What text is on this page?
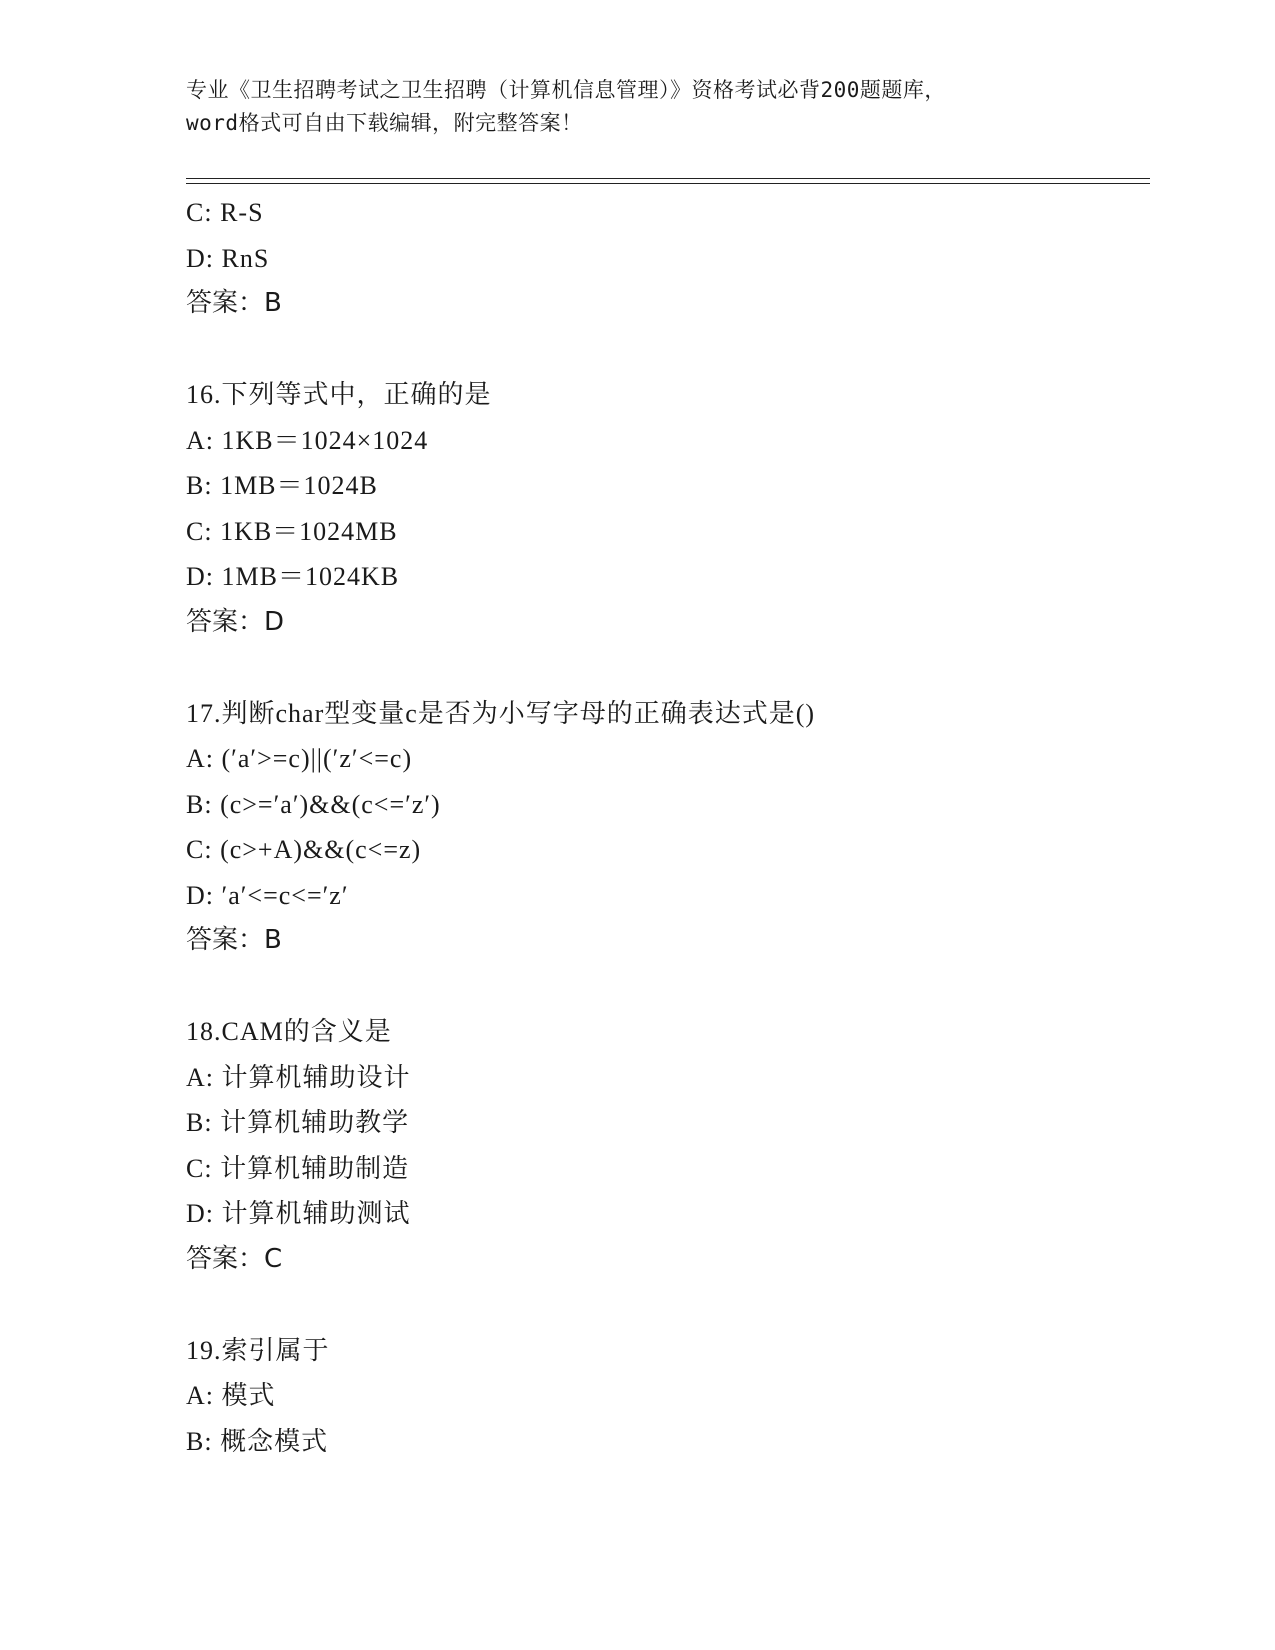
专业《卫生招聘考试之卫生招聘（计算机信息管理）》资格考试必背200题题库，
word格式可自由下载编辑，附完整答案！
C: R-S
D: RnS
答案：B
16.下列等式中，正确的是
A: 1KB＝1024×1024
B: 1MB＝1024B
C: 1KB＝1024MB
D: 1MB＝1024KB
答案：D
17.判断char型变量c是否为小写字母的正确表达式是()
A: (′a′>=c)||(′z′<=c)
B: (c>=′a′)&&(c<=′z′)
C: (c>+A)&&(c<=z)
D: ′a′<=c<=′z′
答案：B
18.CAM的含义是
A: 计算机辅助设计
B: 计算机辅助教学
C: 计算机辅助制造
D: 计算机辅助测试
答案：C
19.索引属于
A: 模式
B: 概念模式
